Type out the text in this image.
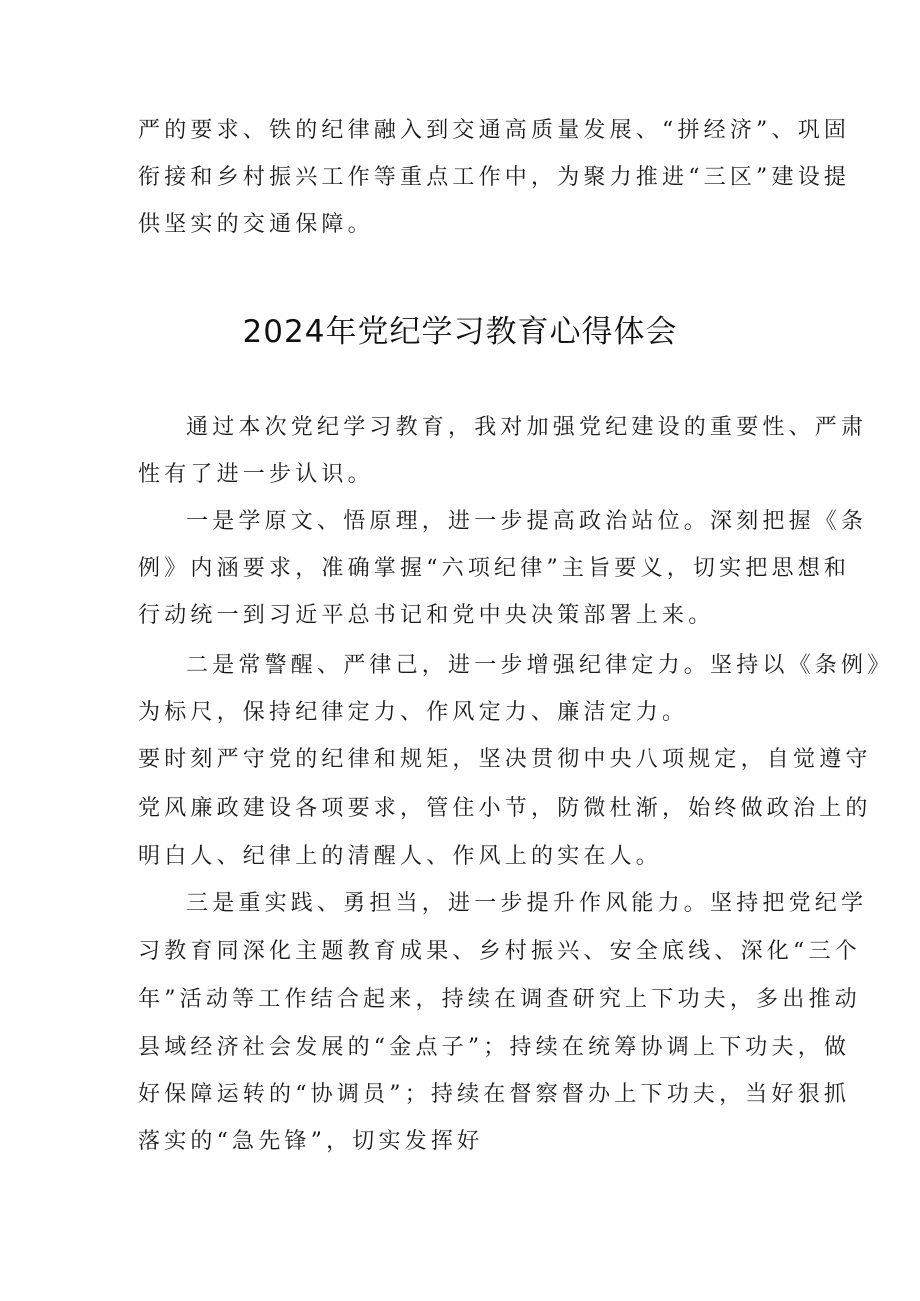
严的要求、铁的纪律融入到交通高质量发展、“拼经济”、巩固
衔接和乡村振兴工作等重点工作中，为聚力推进“三区”建设提
供坚实的交通保障。
2024年党纪学习教育心得体会
通过本次党纪学习教育，我对加强党纪建设的重要性、严肃
性有了进一步认识。
一是学原文、悟原理，进一步提高政治站位。深刻把握《条
例》内涵要求，准确掌握“六项纪律”主旨要义，切实把思想和
行动统一到习近平总书记和党中央决策部署上来。
二是常警醒、严律己，进一步增强纪律定力。坚持以《条例》
为标尺，保持纪律定力、作风定力、廉洁定力。
要时刻严守党的纪律和规矩，坚决贯彻中央八项规定，自觉遵守
党风廉政建设各项要求，管住小节，防微杜渐，始终做政治上的
明白人、纪律上的清醒人、作风上的实在人。
三是重实践、勇担当，进一步提升作风能力。坚持把党纪学
习教育同深化主题教育成果、乡村振兴、安全底线、深化“三个
年”活动等工作结合起来，持续在调查研究上下功夫，多出推动
县域经济社会发展的“金点子”；持续在统筹协调上下功夫，做
好保障运转的“协调员”；持续在督察督办上下功夫，当好狠抓
落实的“急先锋”，切实发挥好
